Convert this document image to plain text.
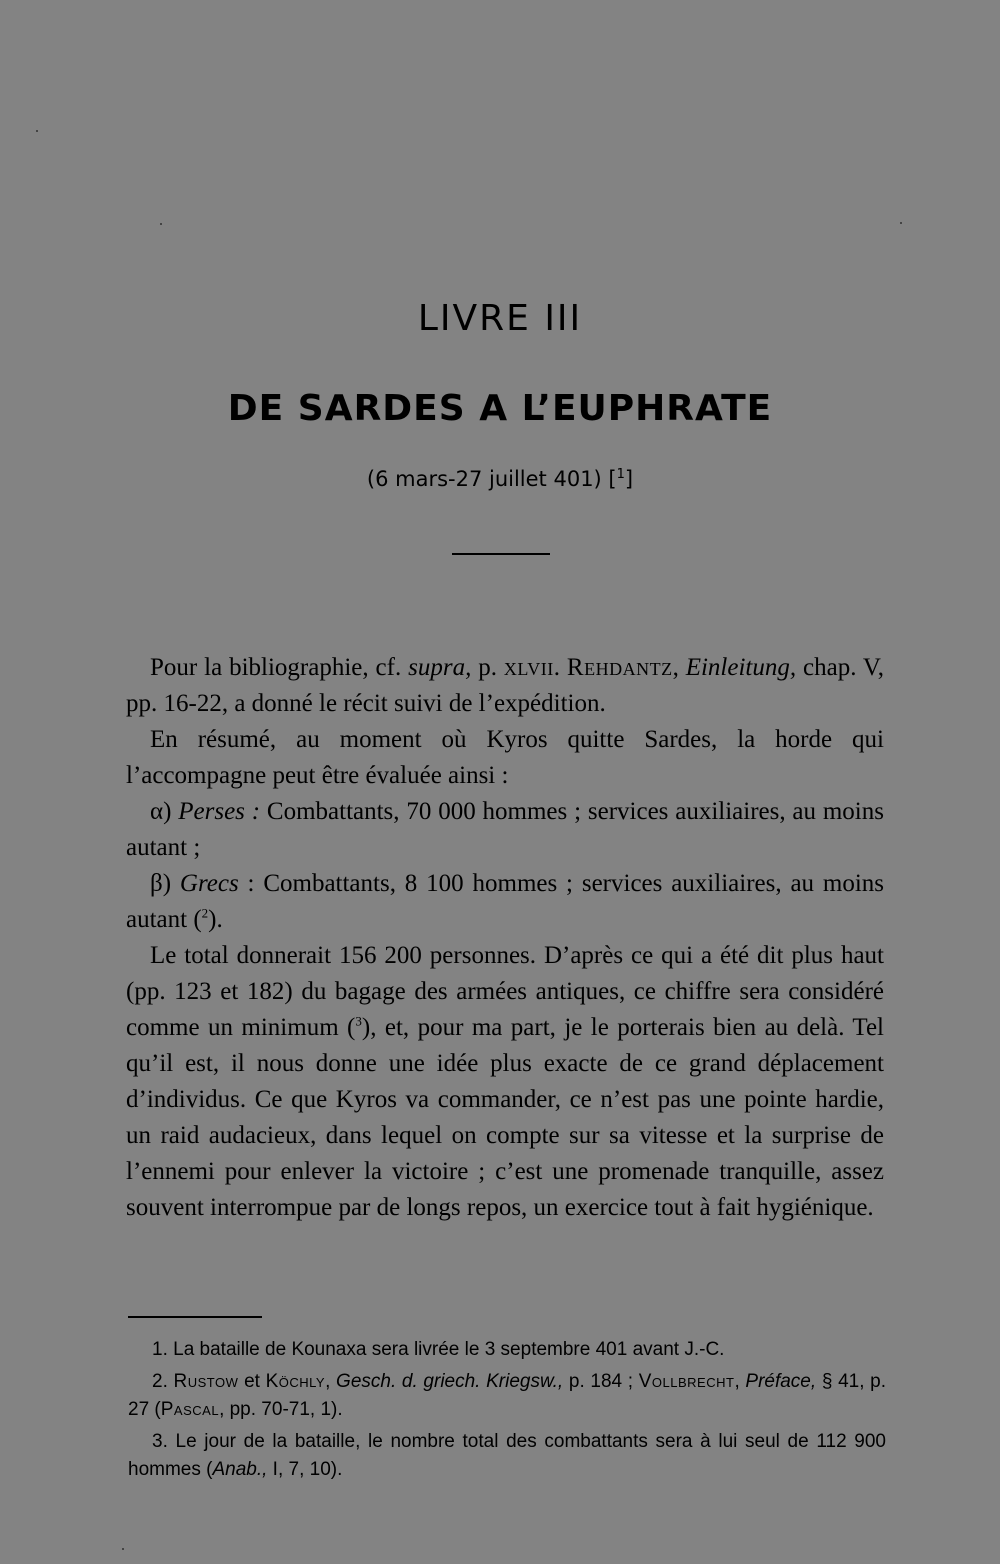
LIVRE III
DE SARDES A L’EUPHRATE
(6 mars-27 juillet 401) [$^1$]

Pour la bibliographie, cf. supra, p. xlvii. Rehdantz, Einleitung, chap. V, pp. 16-22, a donné le récit suivi de l’expédition.

En résumé, au moment où Kyros quitte Sardes, la horde qui l’accompagne peut être évaluée ainsi :

α) Perses : Combattants, 70 000 hommes ; services auxiliaires, au moins autant ;

β) Grecs : Combattants, 8 100 hommes ; services auxiliaires, au moins autant ($^2$).

Le total donnerait 156 200 personnes. D’après ce qui a été dit plus haut (pp. 123 et 182) du bagage des armées antiques, ce chiffre sera considéré comme un minimum ($^3$), et, pour ma part, je le porterais bien au delà. Tel qu’il est, il nous donne une idée plus exacte de ce grand déplacement d’individus. Ce que Kyros va commander, ce n’est pas une pointe hardie, un raid audacieux, dans lequel on compte sur sa vitesse et la surprise de l’ennemi pour enlever la victoire ; c’est une promenade tranquille, assez souvent interrompue par de longs repos, un exercice tout à fait hygiénique.

1. La bataille de Kounaxa sera livrée le 3 septembre 401 avant J.-C.

2. Rustow et Köchly, Gesch. d. griech. Kriegsw., p. 184 ; Vollbrecht, Préface, § 41, p. 27 (Pascal, pp. 70-71, 1).

3. Le jour de la bataille, le nombre total des combattants sera à lui seul de 112 900 hommes (Anab., I, 7, 10).
